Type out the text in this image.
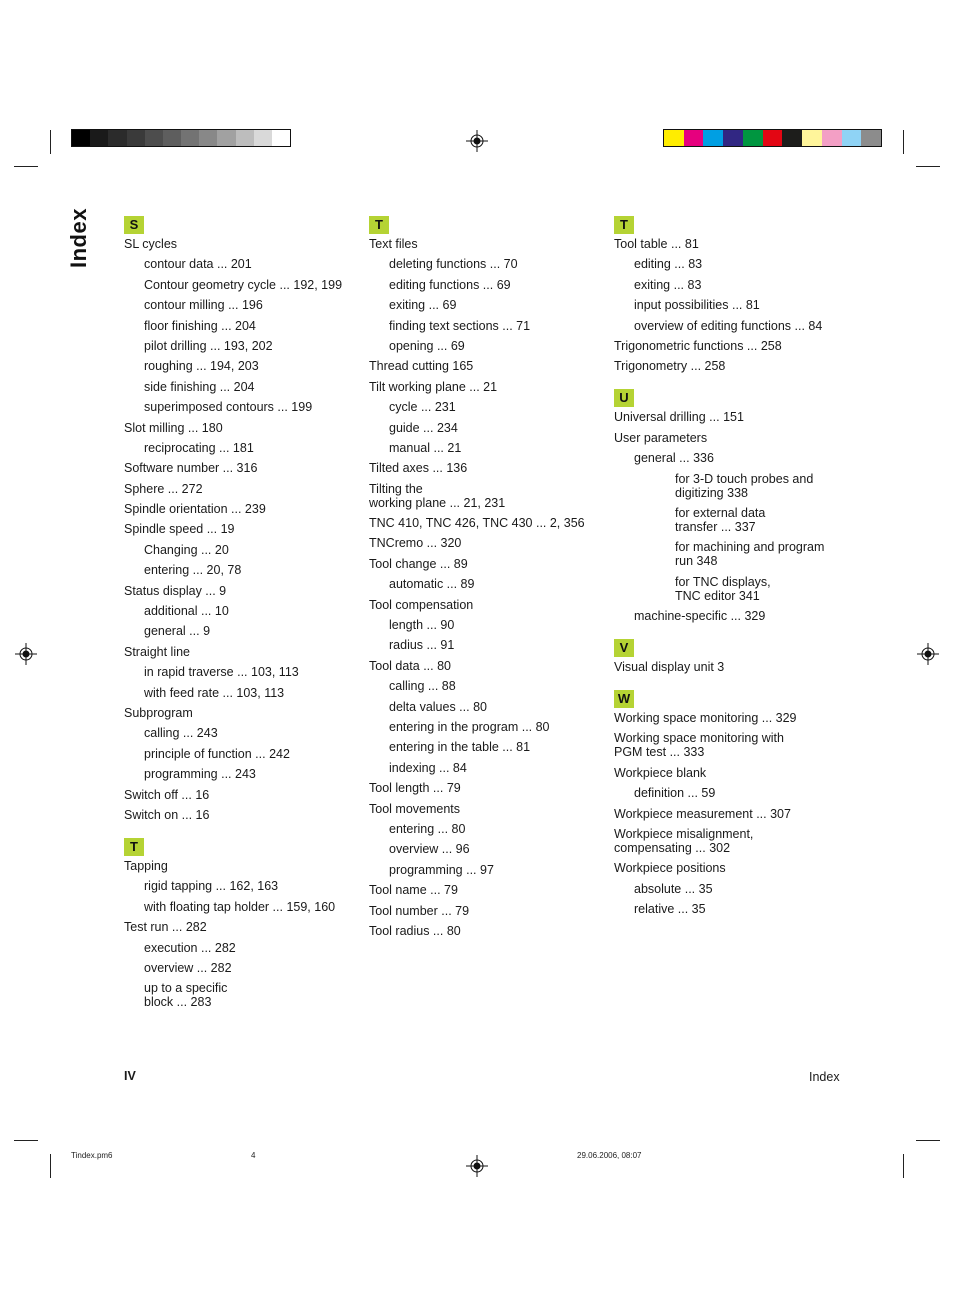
Index	S
SL cycles
contour data ... 201
Contour geometry cycle ... 192, 199
contour milling ... 196
floor finishing ... 204
pilot drilling ... 193, 202
roughing ... 194, 203
side finishing ... 204
superimposed contours ... 199
Slot milling ... 180
reciprocating ... 181
Software number ... 316
Sphere ... 272
Spindle orientation ... 239
Spindle speed ... 19
Changing ... 20
entering ... 20, 78
Status display ... 9
additional ... 10
general ... 9
Straight line
in rapid traverse ... 103, 113
with feed rate ... 103, 113
Subprogram
calling ... 243
principle of function ... 242
programming ... 243
Switch off ... 16
Switch on ... 16
T
Tapping
rigid tapping ... 162, 163
with floating tap holder ... 159, 160
Test run ... 282
execution ... 282
overview ... 282
up to a specific
block ... 283
T
Text files
deleting functions ... 70
editing functions ... 69
exiting ... 69
finding text sections ... 71
opening ... 69
Thread cutting 165
Tilt working plane ... 21
cycle ... 231
guide ... 234
manual ... 21
Tilted axes ... 136
Tilting the
working plane ... 21, 231
TNC 410, TNC 426, TNC 430 ... 2, 356
TNCremo ... 320
Tool change ... 89
automatic ... 89
Tool compensation
length ... 90
radius ... 91
Tool data ... 80
calling ... 88
delta values ... 80
entering in the program ... 80
entering in the table ... 81
indexing ... 84
Tool length ... 79
Tool movements
entering ... 80
overview ... 96
programming ... 97
Tool name ... 79
Tool number ... 79
Tool radius ... 80
T
Tool table ... 81
editing ... 83
exiting ... 83
input possibilities ... 81
overview of editing functions ... 84
Trigonometric functions ... 258
Trigonometry ... 258
U
Universal drilling ... 151
User parameters
general ... 336
for 3-D touch probes and
digitizing 338
for external data
transfer ... 337
for machining and program
run 348
for TNC displays,
TNC editor 341
machine-specific ... 329
V
Visual display unit 3
W
Working space monitoring ... 329
Working space monitoring with
PGM test ... 333
Workpiece blank
definition ... 59
Workpiece measurement ... 307
Workpiece misalignment,
compensating ... 302
Workpiece positions
absolute ... 35
relative ... 35
IV	Index
Tindex.pm6	4	29.06.2006, 08:07
